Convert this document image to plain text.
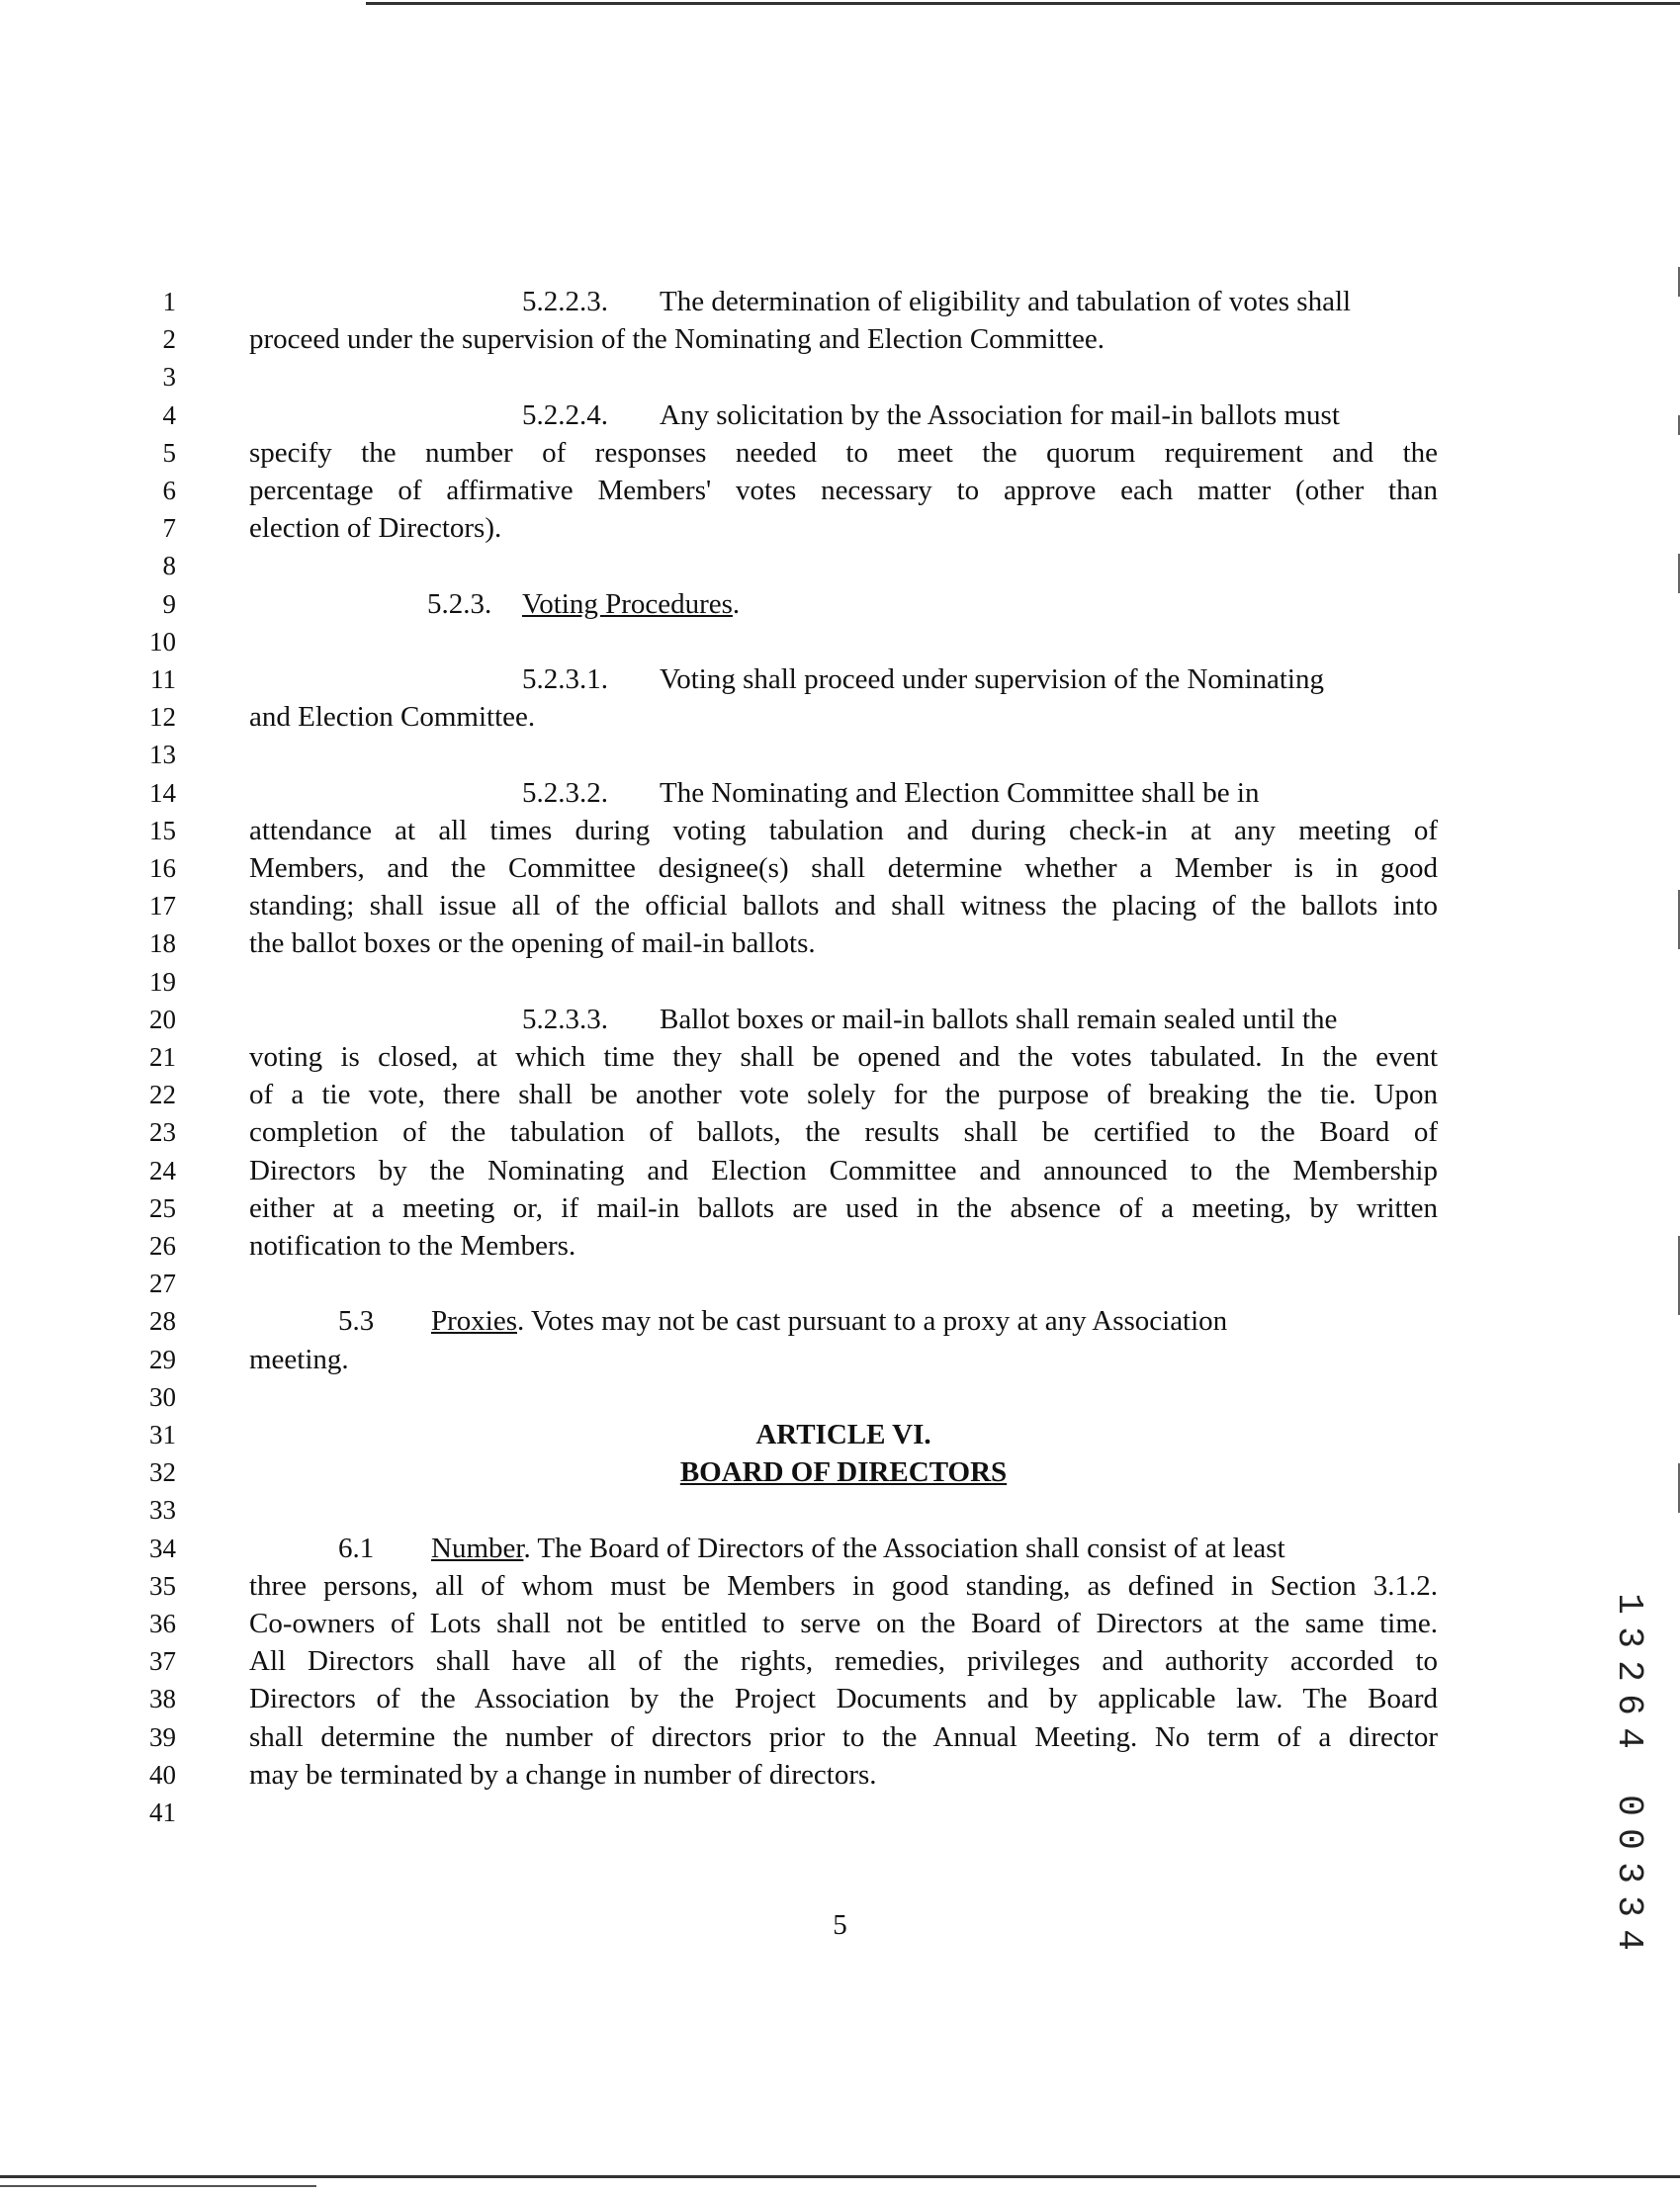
1
2
3
4
5
6
7
8
9
10
11
12
13
14
15
16
17
18
19
20
21
22
23
24
25
26
27
28
29
30
31
32
33
34
35
36
37
38
39
40
41
5.2.2.3. The determination of eligibility and tabulation of votes shall
proceed under the supervision of the Nominating and Election Committee.
5.2.2.4. Any solicitation by the Association for mail-in ballots must
specify the number of responses needed to meet the quorum requirement and the
percentage of affirmative Members' votes necessary to approve each matter (other than
election of Directors).
5.2.3. Voting Procedures.
5.2.3.1. Voting shall proceed under supervision of the Nominating
and Election Committee.
5.2.3.2. The Nominating and Election Committee shall be in
attendance at all times during voting tabulation and during check-in at any meeting of
Members, and the Committee designee(s) shall determine whether a Member is in good
standing; shall issue all of the official ballots and shall witness the placing of the ballots into
the ballot boxes or the opening of mail-in ballots.
5.2.3.3. Ballot boxes or mail-in ballots shall remain sealed until the
voting is closed, at which time they shall be opened and the votes tabulated. In the event
of a tie vote, there shall be another vote solely for the purpose of breaking the tie. Upon
completion of the tabulation of ballots, the results shall be certified to the Board of
Directors by the Nominating and Election Committee and announced to the Membership
either at a meeting or, if mail-in ballots are used in the absence of a meeting, by written
notification to the Members.
5.3 Proxies. Votes may not be cast pursuant to a proxy at any Association
meeting.
ARTICLE VI.
BOARD OF DIRECTORS
6.1 Number. The Board of Directors of the Association shall consist of at least
three persons, all of whom must be Members in good standing, as defined in Section 3.1.2.
Co-owners of Lots shall not be entitled to serve on the Board of Directors at the same time.
All Directors shall have all of the rights, remedies, privileges and authority accorded to
Directors of the Association by the Project Documents and by applicable law. The Board
shall determine the number of directors prior to the Annual Meeting. No term of a director
may be terminated by a change in number of directors.
5
1
3
2
6
4
0
0
3
3
4
